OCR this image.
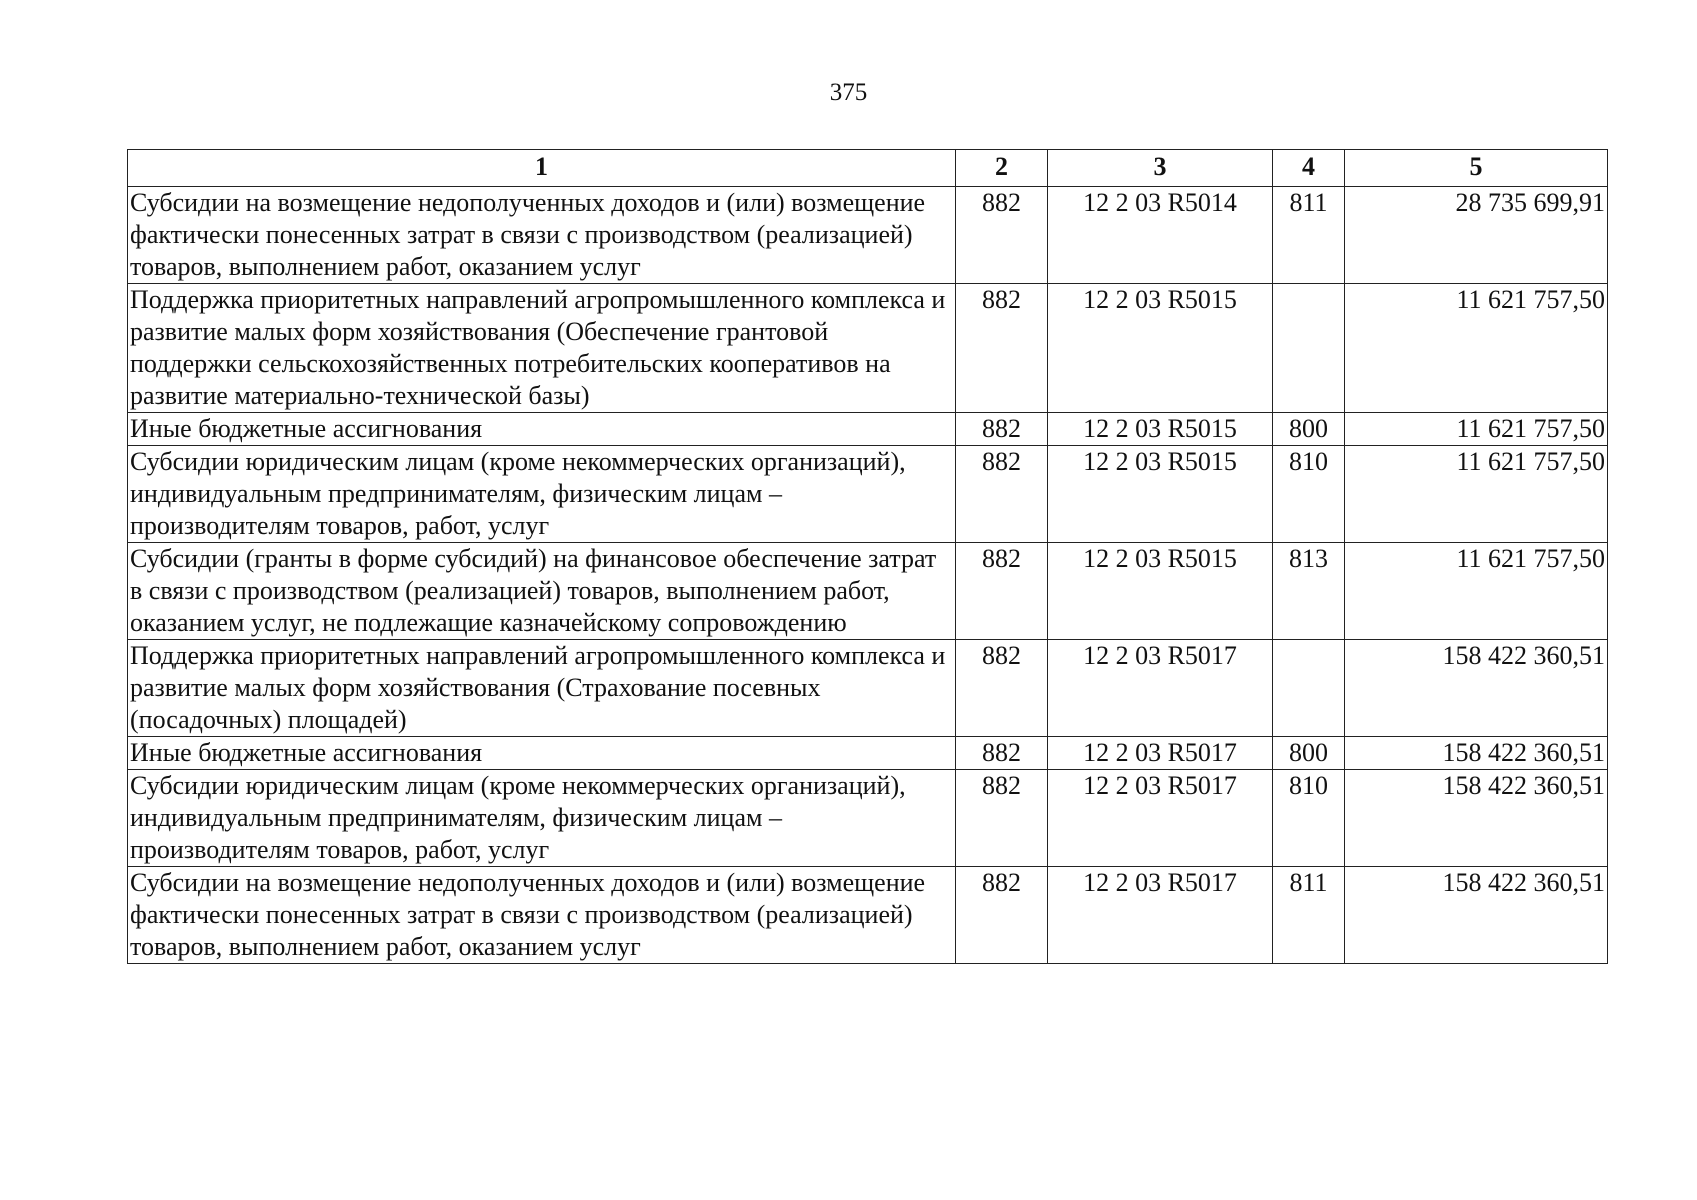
375
1	2	3	4	5
Субсидии на возмещение недополученных доходов и (или) возмещение фактически понесенных затрат в связи с производством (реализацией) товаров, выполнением работ, оказанием услуг	882	12 2 03 R5014	811	28 735 699,91
Поддержка приоритетных направлений агропромышленного комплекса и развитие малых форм хозяйствования (Обеспечение грантовой поддержки сельскохозяйственных потребительских кооперативов на развитие материально-технической базы)	882	12 2 03 R5015		11 621 757,50
Иные бюджетные ассигнования	882	12 2 03 R5015	800	11 621 757,50
Субсидии юридическим лицам (кроме некоммерческих организаций), индивидуальным предпринимателям, физическим лицам – производителям товаров, работ, услуг	882	12 2 03 R5015	810	11 621 757,50
Субсидии (гранты в форме субсидий) на финансовое обеспечение затрат в связи с производством (реализацией) товаров, выполнением работ, оказанием услуг, не подлежащие казначейскому сопровождению	882	12 2 03 R5015	813	11 621 757,50
Поддержка приоритетных направлений агропромышленного комплекса и развитие малых форм хозяйствования (Страхование посевных (посадочных) площадей)	882	12 2 03 R5017		158 422 360,51
Иные бюджетные ассигнования	882	12 2 03 R5017	800	158 422 360,51
Субсидии юридическим лицам (кроме некоммерческих организаций), индивидуальным предпринимателям, физическим лицам – производителям товаров, работ, услуг	882	12 2 03 R5017	810	158 422 360,51
Субсидии на возмещение недополученных доходов и (или) возмещение фактически понесенных затрат в связи с производством (реализацией) товаров, выполнением работ, оказанием услуг	882	12 2 03 R5017	811	158 422 360,51
